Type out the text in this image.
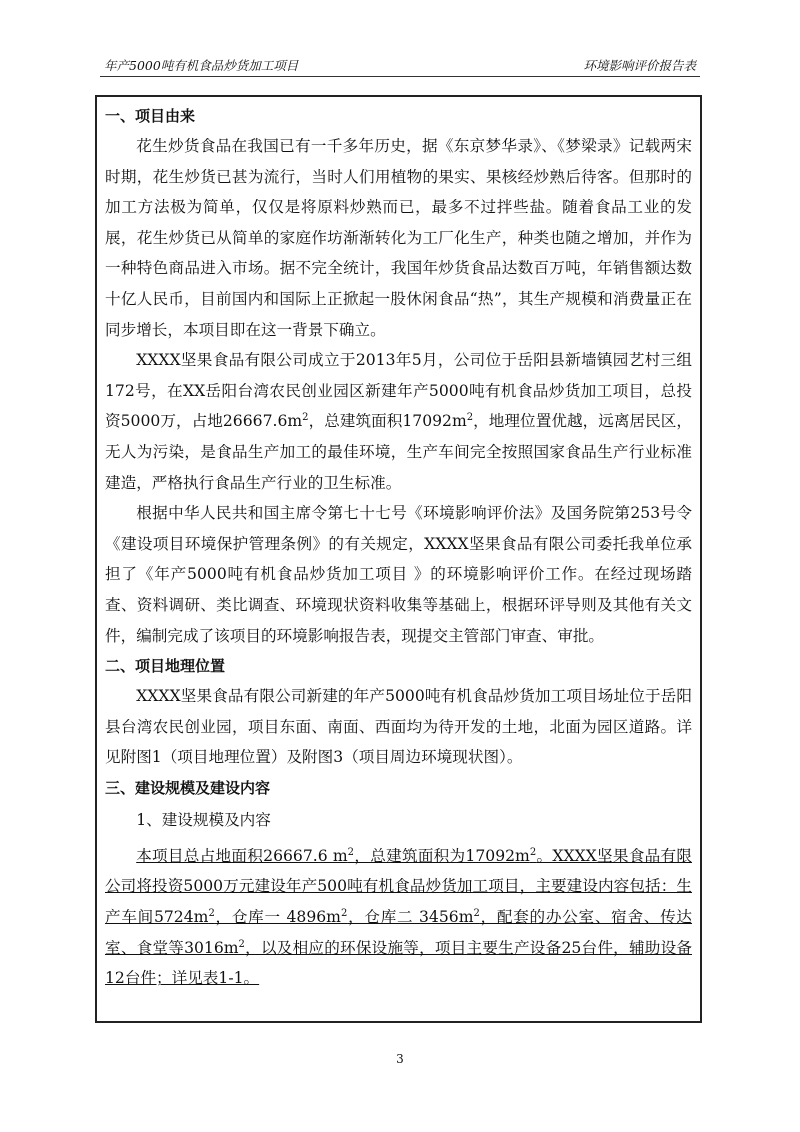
年产5000吨有机食品炒货加工项目	环境影响评价报告表
一、项目由来

花生炒货食品在我国已有一千多年历史，据《东京梦华录》、《梦梁录》记载两宋时期，花生炒货已甚为流行，当时人们用植物的果实、果核经炒熟后待客。但那时的加工方法极为简单，仅仅是将原料炒熟而已，最多不过拌些盐。随着食品工业的发展，花生炒货已从简单的家庭作坊渐渐转化为工厂化生产，种类也随之增加，并作为一种特色商品进入市场。据不完全统计，我国年炒货食品达数百万吨，年销售额达数十亿人民币，目前国内和国际上正掀起一股休闲食品“热”，其生产规模和消费量正在同步增长，本项目即在这一背景下确立。

XXXX坚果食品有限公司成立于2013年5月，公司位于岳阳县新墙镇园艺村三组172号，在XX岳阳台湾农民创业园区新建年产5000吨有机食品炒货加工项目，总投资5000万，占地$26667.6m^2$，总建筑面积$17092m^2$，地理位置优越，远离居民区，无人为污染，是食品生产加工的最佳环境，生产车间完全按照国家食品生产行业标准建造，严格执行食品生产行业的卫生标准。

根据中华人民共和国主席令第七十七号《环境影响评价法》及国务院第253号令《建设项目环境保护管理条例》的有关规定，XXXX坚果食品有限公司委托我单位承担了《年产5000吨有机食品炒货加工项目 》的环境影响评价工作。在经过现场踏查、资料调研、类比调查、环境现状资料收集等基础上，根据环评导则及其他有关文件，编制完成了该项目的环境影响报告表，现提交主管部门审查、审批。

二、项目地理位置

XXXX坚果食品有限公司新建的年产5000吨有机食品炒货加工项目场址位于岳阳县台湾农民创业园，项目东面、南面、西面均为待开发的土地，北面为园区道路。详见附图1（项目地理位置）及附图3（项目周边环境现状图）。

三、建设规模及建设内容
1、建设规模及内容

本项目总占地面积26667.6 $m^2$，总建筑面积为$17092m^2$。XXXX坚果食品有限公司将投资5000万元建设年产500吨有机食品炒货加工项目，主要建设内容包括：生产车间$5724m^2$，仓库一 $4896m^2$，仓库二 $3456m^2$，配套的办公室、宿舍、传达室、食堂等$3016m^2$，以及相应的环保设施等，项目主要生产设备25台件，辅助设备12台件；详见表1-1。

3
